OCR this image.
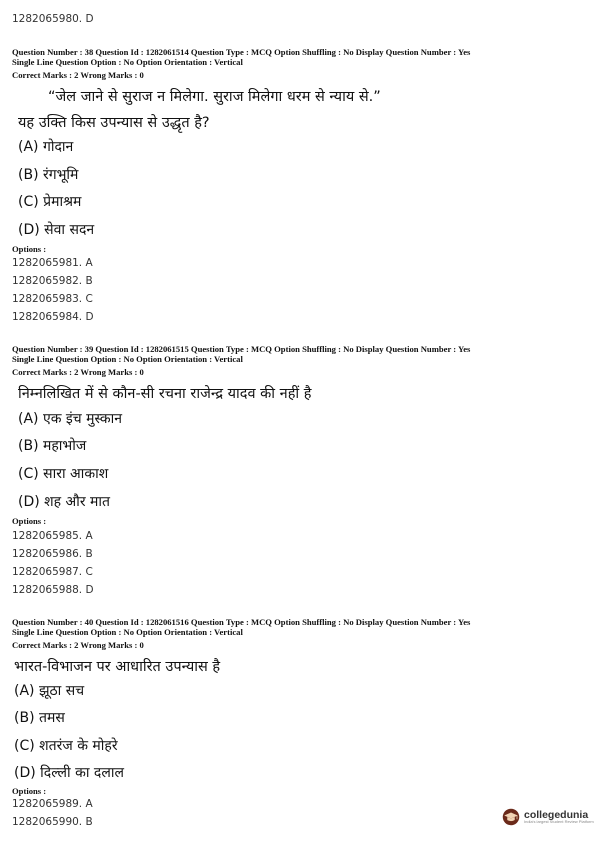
1282065980. D
Question Number : 38 Question Id : 1282061514 Question Type : MCQ Option Shuffling : No Display Question Number : Yes
Single Line Question Option : No Option Orientation : Vertical
Correct Marks : 2 Wrong Marks : 0
“जेल जाने से सुराज न मिलेगा. सुराज मिलेगा धरम से न्याय से.”
यह उक्ति किस उपन्यास से उद्धृत है?
(A) गोदान
(B) रंगभूमि
(C) प्रेमाश्रम
(D) सेवा सदन
Options :
1282065981. A
1282065982. B
1282065983. C
1282065984. D
Question Number : 39 Question Id : 1282061515 Question Type : MCQ Option Shuffling : No Display Question Number : Yes
Single Line Question Option : No Option Orientation : Vertical
Correct Marks : 2 Wrong Marks : 0
निम्नलिखित में से कौन-सी रचना राजेन्द्र यादव की नहीं है
(A) एक इंच मुस्कान
(B) महाभोज
(C) सारा आकाश
(D) शह और मात
Options :
1282065985. A
1282065986. B
1282065987. C
1282065988. D
Question Number : 40 Question Id : 1282061516 Question Type : MCQ Option Shuffling : No Display Question Number : Yes
Single Line Question Option : No Option Orientation : Vertical
Correct Marks : 2 Wrong Marks : 0
भारत-विभाजन पर आधारित उपन्यास है
(A) झूठा सच
(B) तमस
(C) शतरंज के मोहरे
(D) दिल्ली का दलाल
Options :
1282065989. A
1282065990. B
collegedunia
India's largest Student Review Platform
